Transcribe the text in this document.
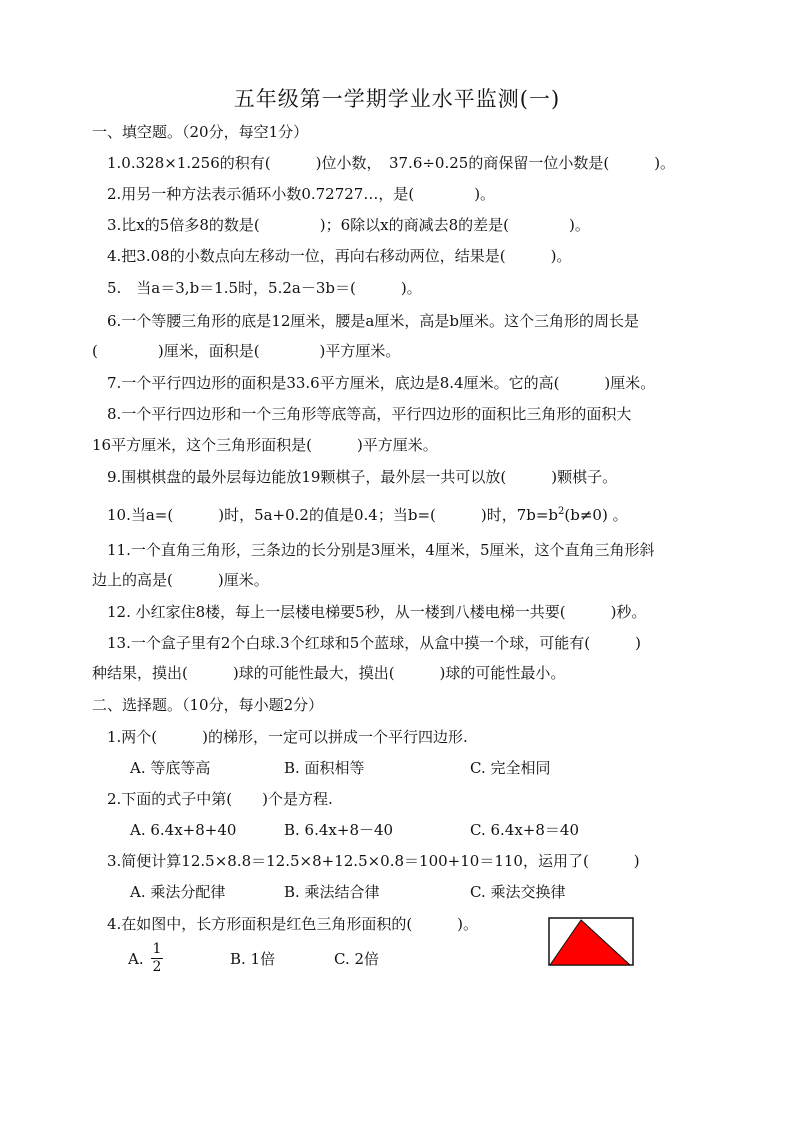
五年级第一学期学业水平监测(一)
一、填空题。（20分，每空1分）
1.0.328×1.256的积有(　　　)位小数，　37.6÷0.25的商保留一位小数是(　　　)。
2.用另一种方法表示循环小数0.72727…，是(　　　　)。
3.比x的5倍多8的数是(　　　　)；6除以x的商减去8的差是(　　　　)。
4.把3.08的小数点向左移动一位，再向右移动两位，结果是(　　　)。
5.　当a＝3,b＝1.5时，5.2a－3b＝(　　　)。
6.一个等腰三角形的底是12厘米，腰是a厘米，高是b厘米。这个三角形的周长是
(　　　　)厘米，面积是(　　　　)平方厘米。
7.一个平行四边形的面积是33.6平方厘米，底边是8.4厘米。它的高(　　　)厘米。
8.一个平行四边形和一个三角形等底等高，平行四边形的面积比三角形的面积大
16平方厘米，这个三角形面积是(　　　)平方厘米。
9.围棋棋盘的最外层每边能放19颗棋子，最外层一共可以放(　　　)颗棋子。
10.当a=(　　　)时，5a+0.2的值是0.4；当b=(　　　)时，$7b=b^2(b\ne 0)$ 。
11.一个直角三角形，三条边的长分别是3厘米，4厘米，5厘米，这个直角三角形斜
边上的高是(　　　)厘米。
12. 小红家住8楼，每上一层楼电梯要5秒，从一楼到八楼电梯一共要(　　　)秒。
13.一个盒子里有2个白球.3个红球和5个蓝球，从盒中摸一个球，可能有(　　　)
种结果，摸出(　　　)球的可能性最大，摸出(　　　)球的可能性最小。
二、选择题。（10分，每小题2分）
1.两个(　　　)的梯形，一定可以拼成一个平行四边形.
A. 等底等高	B. 面积相等	C. 完全相同
2.下面的式子中第(　　)个是方程.
A. 6.4x+8+40	B. 6.4x+8－40	C. 6.4x+8＝40
3.简便计算12.5×8.8＝12.5×8+12.5×0.8＝100+10＝110，运用了(　　　)
A. 乘法分配律	B. 乘法结合律	C. 乘法交换律
4.在如图中，长方形面积是红色三角形面积的(　　　)。
A.
1
2	B. 1倍	C. 2倍
